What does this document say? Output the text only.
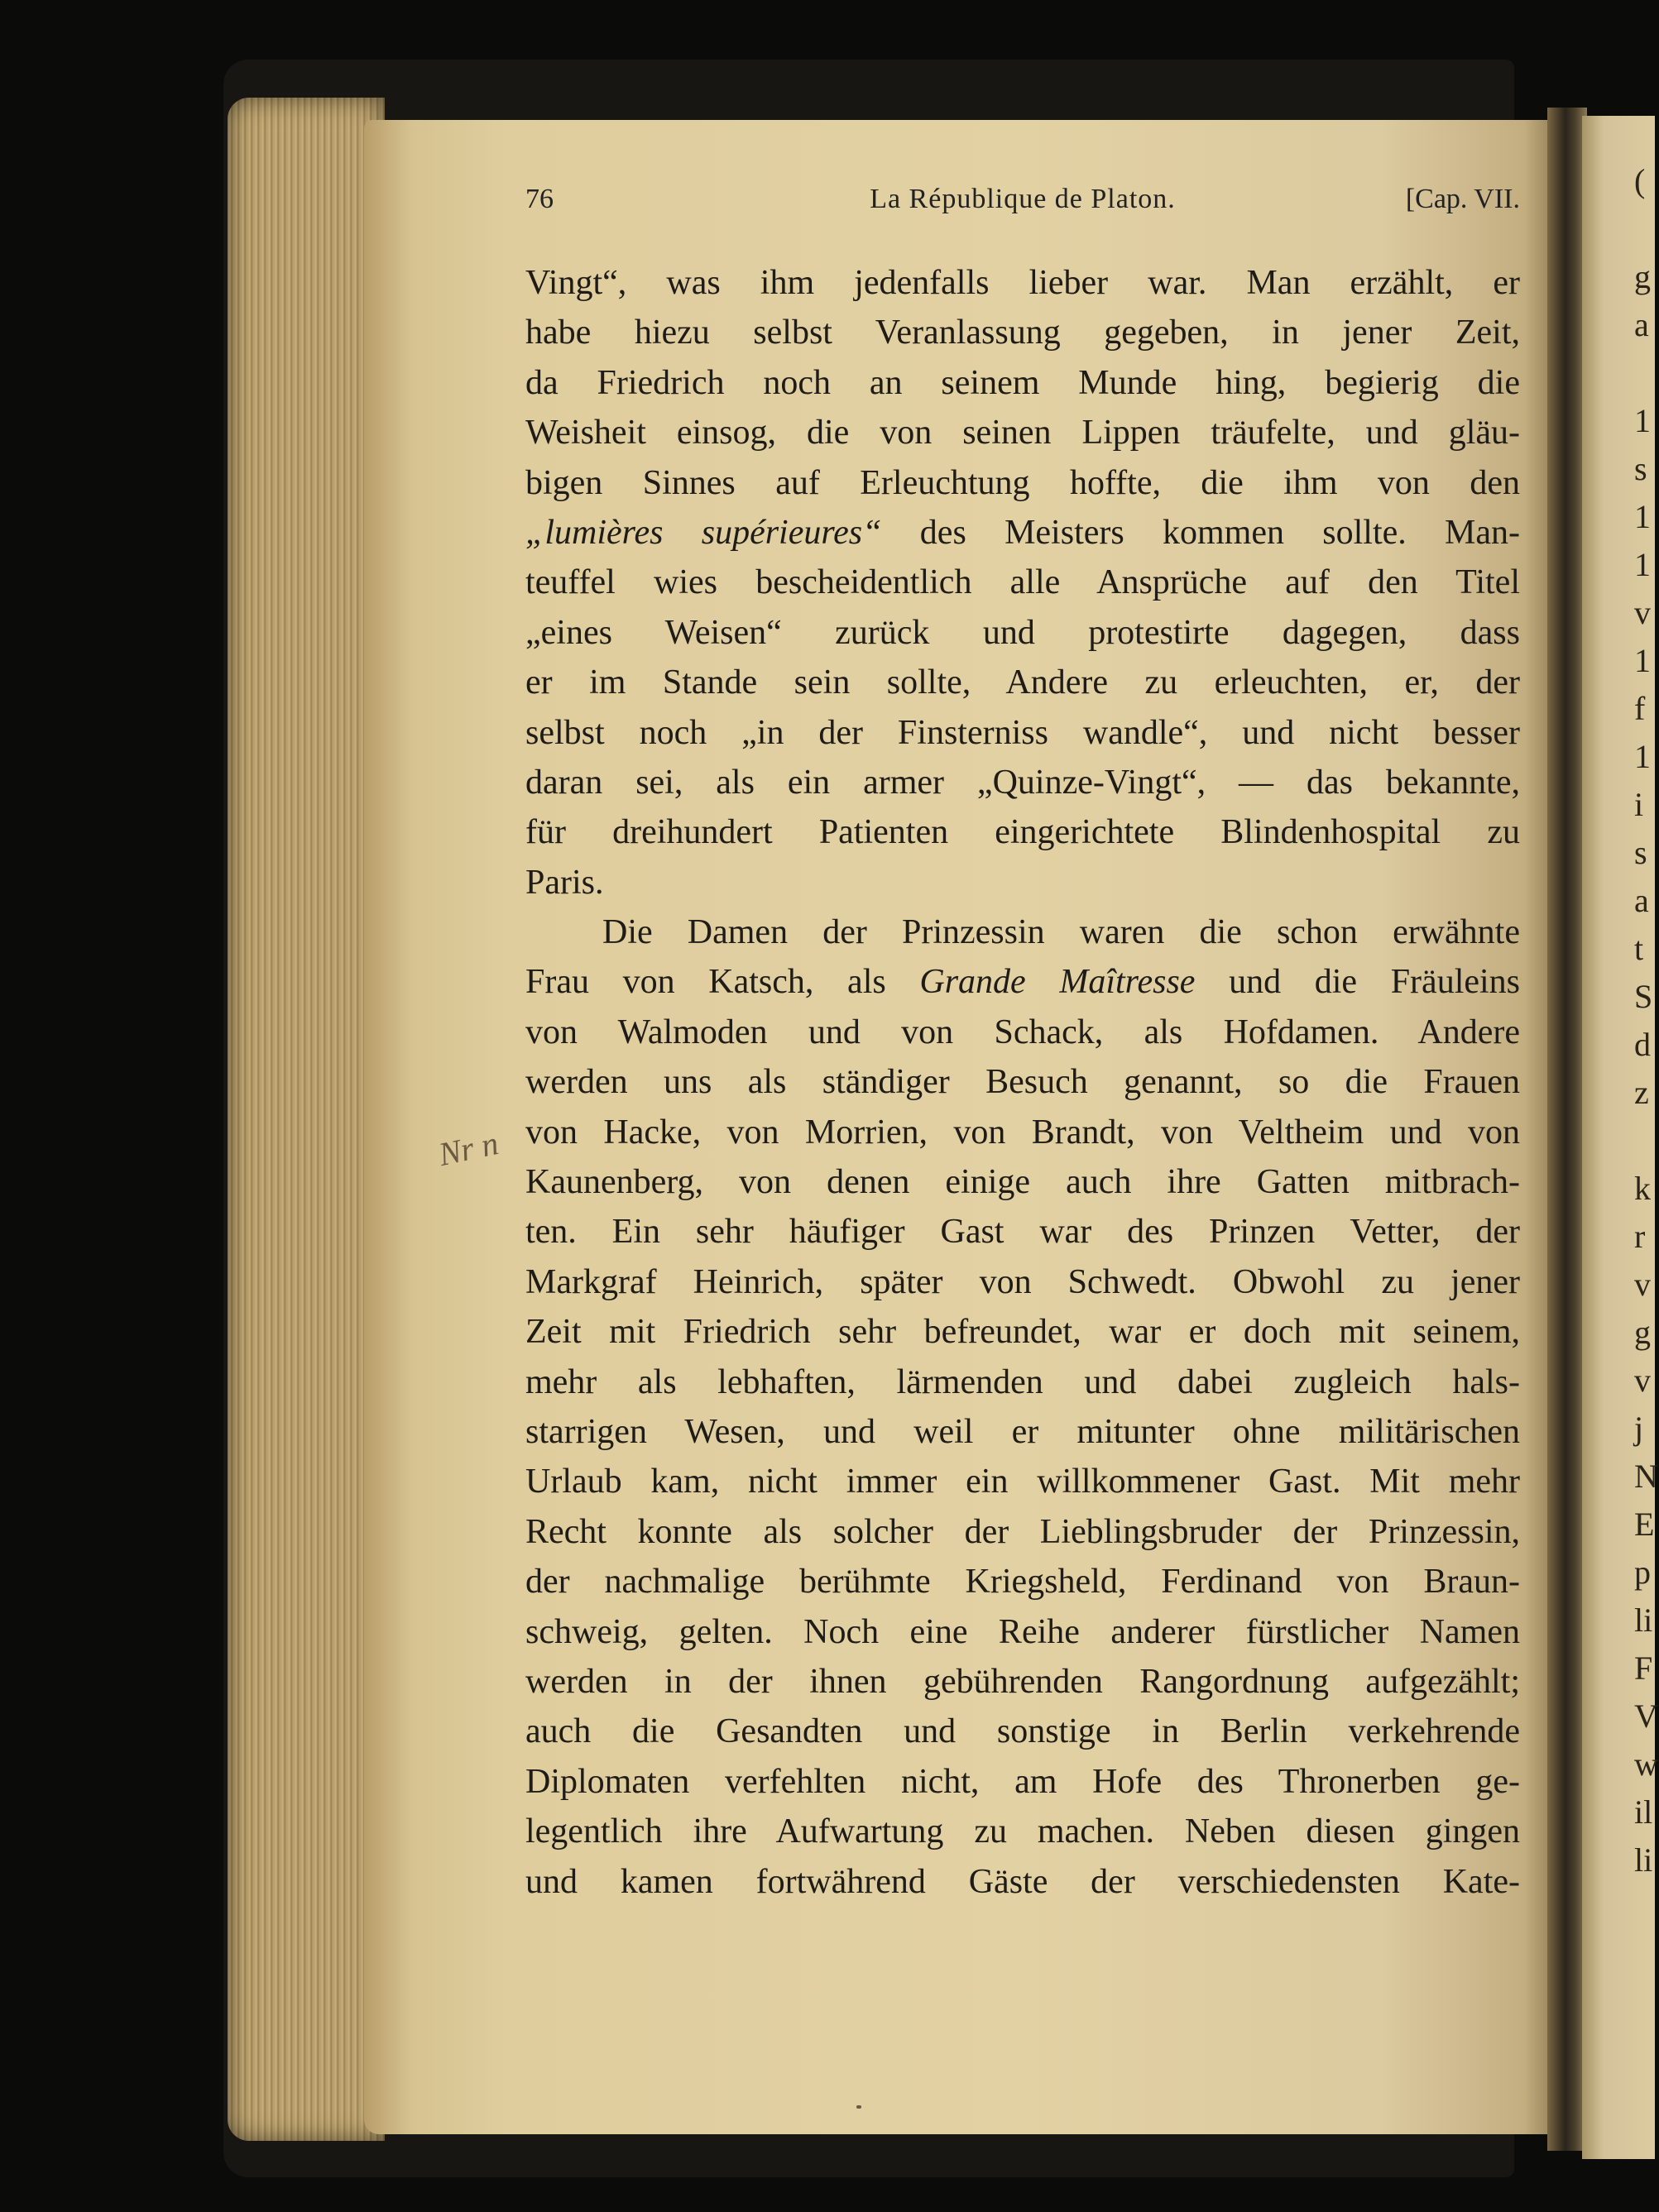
(

g
a

1
s
1
1
v
1
f
1
i
s
a
t
S
d
z

k
r
v
g
v
j
N
E
p
li
F
V
w
il
li
76	La République de Platon.	[Cap. VII.
Vingt“, was ihm jedenfalls lieber war. Man erzählt, er
habe hiezu selbst Veranlassung gegeben, in jener Zeit,
da Friedrich noch an seinem Munde hing, begierig die
Weisheit einsog, die von seinen Lippen träufelte, und gläu-
bigen Sinnes auf Erleuchtung hoffte, die ihm von den
„lumières supérieures“ des Meisters kommen sollte. Man-
teuffel wies bescheidentlich alle Ansprüche auf den Titel
„eines Weisen“ zurück und protestirte dagegen, dass
er im Stande sein sollte, Andere zu erleuchten, er, der
selbst noch „in der Finsterniss wandle“, und nicht besser
daran sei, als ein armer „Quinze-Vingt“, — das bekannte,
für dreihundert Patienten eingerichtete Blindenhospital zu
Paris.
Die Damen der Prinzessin waren die schon erwähnte
Frau von Katsch, als Grande Maîtresse und die Fräuleins
von Walmoden und von Schack, als Hofdamen. Andere
werden uns als ständiger Besuch genannt, so die Frauen
von Hacke, von Morrien, von Brandt, von Veltheim und von
Kaunenberg, von denen einige auch ihre Gatten mitbrach-
ten. Ein sehr häufiger Gast war des Prinzen Vetter, der
Markgraf Heinrich, später von Schwedt. Obwohl zu jener
Zeit mit Friedrich sehr befreundet, war er doch mit seinem,
mehr als lebhaften, lärmenden und dabei zugleich hals-
starrigen Wesen, und weil er mitunter ohne militärischen
Urlaub kam, nicht immer ein willkommener Gast. Mit mehr
Recht konnte als solcher der Lieblingsbruder der Prinzessin,
der nachmalige berühmte Kriegsheld, Ferdinand von Braun-
schweig, gelten. Noch eine Reihe anderer fürstlicher Namen
werden in der ihnen gebührenden Rangordnung aufgezählt;
auch die Gesandten und sonstige in Berlin verkehrende
Diplomaten verfehlten nicht, am Hofe des Thronerben ge-
legentlich ihre Aufwartung zu machen. Neben diesen gingen
und kamen fortwährend Gäste der verschiedensten Kate-
Nr n
